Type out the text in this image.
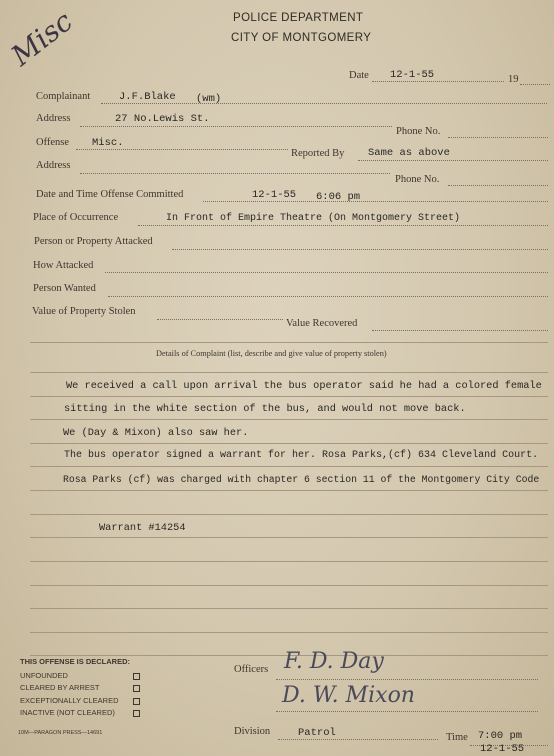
Misc	POLICE DEPARTMENT
CITY OF MONTGOMERY
Date 12-1-55	19
Complainant	J.F.Blake (wm)
Address	27 No.Lewis St.
Phone No.
Offense Misc.
Reported By Same as above
Address
Phone No.
Date and Time Offense Committed	12-1-55 6:06 pm
Place of Occurrence	In Front of Empire Theatre (On Montgomery Street)
Person or Property Attacked
How Attacked
Person Wanted
Value of Property Stolen
Value Recovered
Details of Complaint (list, describe and give value of property stolen)
We received a call upon arrival the bus operator said he had a colored female
sitting in the white section of the bus, and would not move back.
We (Day & Mixon) also saw her.
The bus operator signed a warrant for her. Rosa Parks,(cf) 634 Cleveland Court.
Rosa Parks (cf) was charged with chapter 6 section 11 of the Montgomery City Code
Warrant #14254
THIS OFFENSE IS DECLARED:
UNFOUNDED
CLEARED BY ARREST
EXCEPTIONALLY CLEARED
INACTIVE (NOT CLEARED)
Officers F. D. Day
D. W. Mixon
Division	Patrol	Time 7:00 pm
12-1-55
10M—PARAGON PRESS—14691
